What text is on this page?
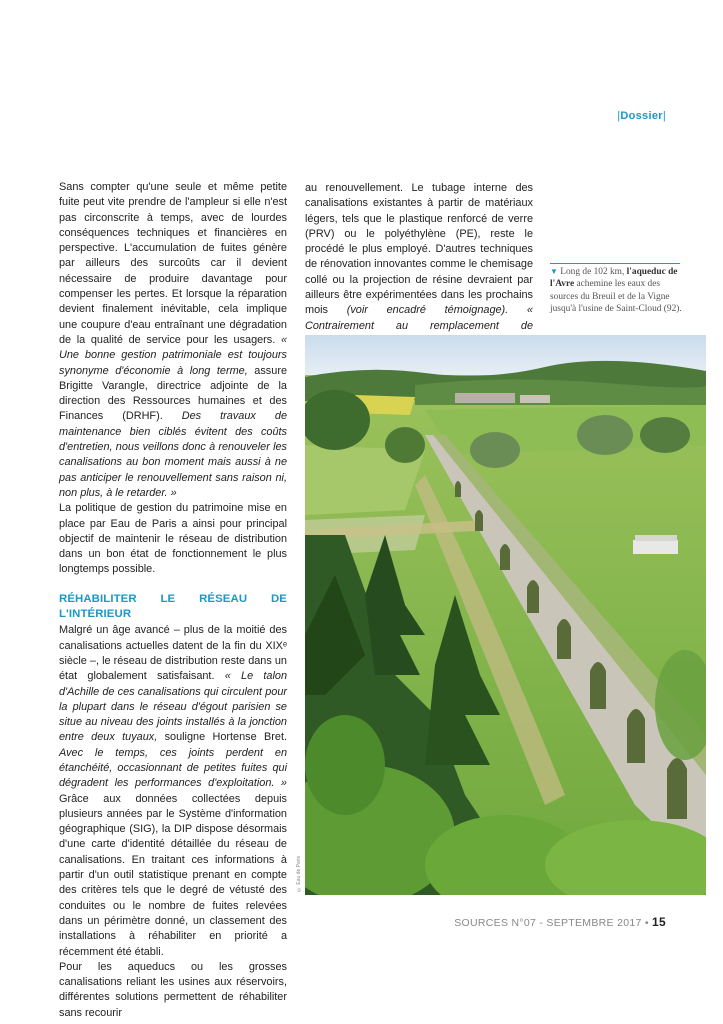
|Dossier|

Sans compter qu'une seule et même petite fuite peut vite prendre de l'ampleur si elle n'est pas circonscrite à temps, avec de lourdes conséquences techniques et financières en perspective. L'accumulation de fuites génère par ailleurs des surcoûts car il devient nécessaire de produire davantage pour compenser les pertes. Et lorsque la réparation devient finalement inévitable, cela implique une coupure d'eau entraînant une dégradation de la qualité de service pour les usagers. « Une bonne gestion patrimoniale est toujours synonyme d'économie à long terme, assure Brigitte Varangle, directrice adjointe de la direction des Ressources humaines et des Finances (DRHF). Des travaux de maintenance bien ciblés évitent des coûts d'entretien, nous veillons donc à renouveler les canalisations au bon moment mais aussi à ne pas anticiper le renouvellement sans raison ni, non plus, à le retarder. »

La politique de gestion du patrimoine mise en place par Eau de Paris a ainsi pour principal objectif de maintenir le réseau de distribution dans un bon état de fonctionnement le plus longtemps possible.

RÉHABILITER LE RÉSEAU DE L'INTÉRIEUR

Malgré un âge avancé – plus de la moitié des canalisations actuelles datent de la fin du XIXᵉ siècle –, le réseau de distribution reste dans un état globalement satisfaisant. « Le talon d'Achille de ces canalisations qui circulent pour la plupart dans le réseau d'égout parisien se situe au niveau des joints installés à la jonction entre deux tuyaux, souligne Hortense Bret. Avec le temps, ces joints perdent en étanchéité, occasionnant de petites fuites qui dégradent les performances d'exploitation. » Grâce aux données collectées depuis plusieurs années par le Système d'information géographique (SIG), la DIP dispose désormais d'une carte d'identité détaillée du réseau de canalisations. En traitant ces informations à partir d'un outil statistique prenant en compte des critères tels que le degré de vétusté des conduites ou le nombre de fuites relevées dans un périmètre donné, un classement des installations à réhabiliter en priorité a récemment été établi.

Pour les aqueducs ou les grosses canalisations reliant les usines aux réservoirs, différentes solutions permettent de réhabiliter sans recourir

au renouvellement. Le tubage interne des canalisations existantes à partir de matériaux légers, tels que le plastique renforcé de verre (PRV) ou le polyéthylène (PE), reste le procédé le plus employé. D'autres techniques de rénovation innovantes comme le chemisage collé ou la projection de résine devraient par ailleurs être expérimentées dans les prochains mois (voir encadré témoignage). « Contrairement au remplacement de

▼ Long de 102 km, l'aqueduc de l'Avre achemine les eaux des sources du Breuil et de la Vigne jusqu'à l'usine de Saint-Cloud (92).
© Eau de Paris
SOURCES N°07 - SEPTEMBRE 2017 • 15
